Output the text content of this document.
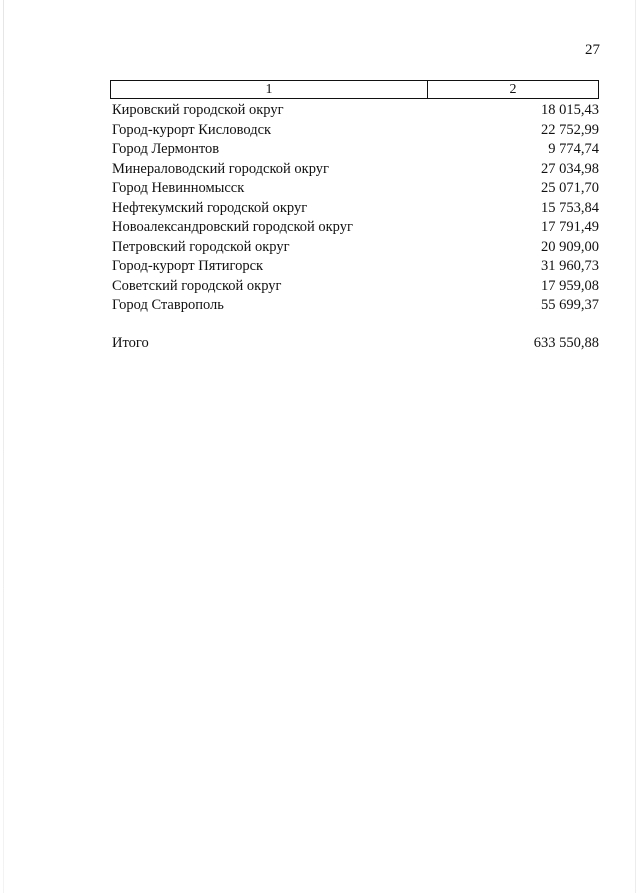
27
1	2
Кировский городской округ	18 015,43
Город-курорт Кисловодск	22 752,99
Город Лермонтов	9 774,74
Минераловодский городской округ	27 034,98
Город Невинномысск	25 071,70
Нефтекумский городской округ	15 753,84
Новоалександровский городской округ	17 791,49
Петровский городской округ	20 909,00
Город-курорт Пятигорск	31 960,73
Советский городской округ	17 959,08
Город Ставрополь	55 699,37
Итого	633 550,88
